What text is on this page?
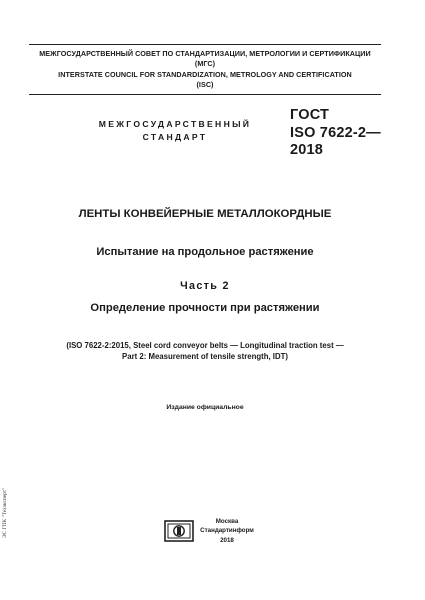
МЕЖГОСУДАРСТВЕННЫЙ СОВЕТ ПО СТАНДАРТИЗАЦИИ, МЕТРОЛОГИИ И СЕРТИФИКАЦИИ
(МГС)
INTERSTATE COUNCIL FOR STANDARDIZATION, METROLOGY AND CERTIFICATION
(ISC)
МЕЖГОСУДАРСТВЕННЫЙ
СТАНДАРТ
ГОСТ
ISO 7622-2—
2018
ЛЕНТЫ КОНВЕЙЕРНЫЕ МЕТАЛЛОКОРДНЫЕ
Испытание на продольное растяжение
Часть 2
Определение прочности при растяжении
(ISO 7622-2:2015, Steel cord conveyor belts — Longitudinal traction test —
Part 2: Measurement of tensile strength, IDT)
Издание официальное
Москва
Стандартинформ
2018
ЭС ГПК "Техэксперт"
